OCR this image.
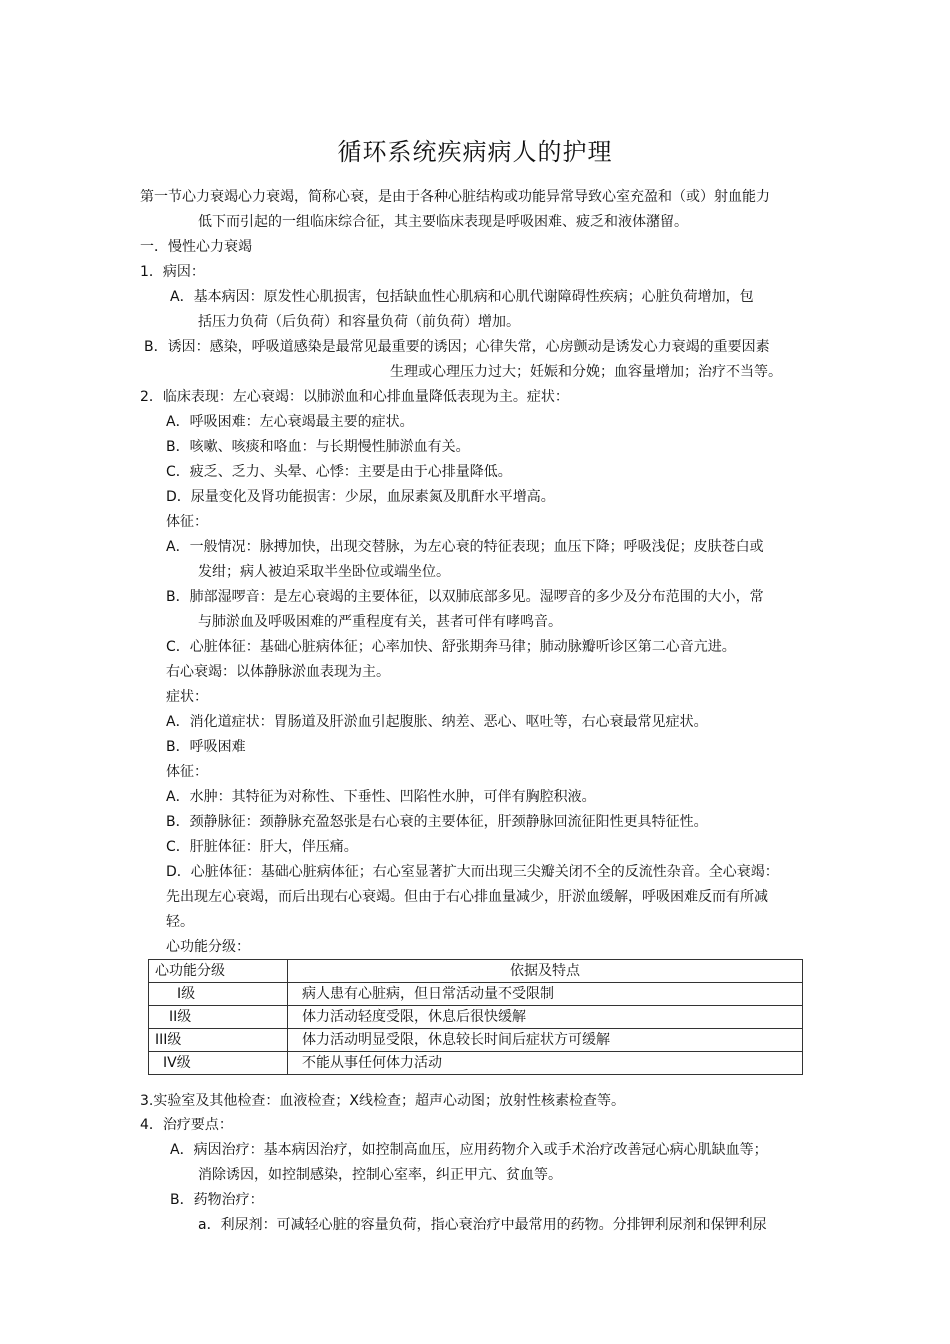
循环系统疾病病人的护理
第一节心力衰竭心力衰竭，简称心衰，是由于各种心脏结构或功能异常导致心室充盈和（或）射血能力
低下而引起的一组临床综合征，其主要临床表现是呼吸困难、疲乏和液体潴留。
一．慢性心力衰竭
1．病因：
A．基本病因：原发性心肌损害，包括缺血性心肌病和心肌代谢障碍性疾病；心脏负荷增加，包
括压力负荷（后负荷）和容量负荷（前负荷）增加。
B．诱因：感染，呼吸道感染是最常见最重要的诱因；心律失常，心房颤动是诱发心力衰竭的重要因素
生理或心理压力过大；妊娠和分娩；血容量增加；治疗不当等。
2．临床表现：左心衰竭：以肺淤血和心排血量降低表现为主。症状：
A．呼吸困难：左心衰竭最主要的症状。
B．咳嗽、咳痰和咯血：与长期慢性肺淤血有关。
C．疲乏、乏力、头晕、心悸：主要是由于心排量降低。
D．尿量变化及肾功能损害：少尿，血尿素氮及肌酐水平增高。
体征：
A．一般情况：脉搏加快，出现交替脉，为左心衰的特征表现；血压下降；呼吸浅促；皮肤苍白或
发绀；病人被迫采取半坐卧位或端坐位。
B．肺部湿啰音：是左心衰竭的主要体征，以双肺底部多见。湿啰音的多少及分布范围的大小，常
与肺淤血及呼吸困难的严重程度有关，甚者可伴有哮鸣音。
C．心脏体征：基础心脏病体征；心率加快、舒张期奔马律；肺动脉瓣听诊区第二心音亢进。
右心衰竭：以体静脉淤血表现为主。
症状：
A．消化道症状：胃肠道及肝淤血引起腹胀、纳差、恶心、呕吐等，右心衰最常见症状。
B．呼吸困难
体征：
A．水肿：其特征为对称性、下垂性、凹陷性水肿，可伴有胸腔积液。
B．颈静脉征：颈静脉充盈怒张是右心衰的主要体征，肝颈静脉回流征阳性更具特征性。
C．肝脏体征：肝大，伴压痛。
D．心脏体征：基础心脏病体征；右心室显著扩大而出现三尖瓣关闭不全的反流性杂音。全心衰竭：
先出现左心衰竭，而后出现右心衰竭。但由于右心排血量减少，肝淤血缓解，呼吸困难反而有所减
轻。
心功能分级：
心功能分级	依据及特点
Ⅰ级	病人患有心脏病，但日常活动量不受限制
ⅠⅠ级	体力活动轻度受限，休息后很快缓解
III级	体力活动明显受限，休息较长时间后症状方可缓解
IV级	不能从事任何体力活动
3.实验室及其他检查：血液检查；X线检查；超声心动图；放射性核素检查等。
4．治疗要点：
A．病因治疗：基本病因治疗，如控制高血压，应用药物介入或手术治疗改善冠心病心肌缺血等；
消除诱因，如控制感染，控制心室率，纠正甲亢、贫血等。
B．药物治疗：
a．利尿剂：可减轻心脏的容量负荷，指心衰治疗中最常用的药物。分排钾利尿剂和保钾利尿
